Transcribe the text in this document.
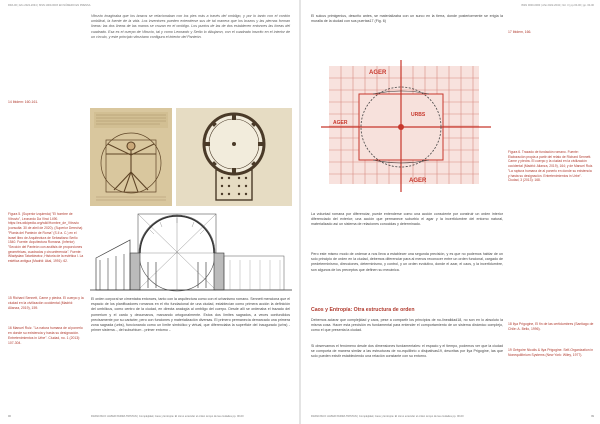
RDA 00 | Año 2022-2034 | ISSN 1900-000X EN NÚMERO EN PRENSA
Vitruvio imaginaba que los brazos se relacionaban con los pies más a través del ombligo, y por lo tanto con el cordón umbilical, la fuente de la vida. Los inventores pueden extenderse sus de tal manera que los brazos y las piernas forman líneas: las dos líneas de las manos se cruzan en el ombligo. Los puntos de las de dos establecen entonces las líneas del cuadrado. Esa es el cuerpo de Vitruvio, tal y como Leonardo y Serlio lo dibujaron, con el cuadrado inscrito en el interior de un círculo, y este principio vitruviano configura el interior del Panteón.
14 Ibidem: 160-161.
Figura 5. (Superior izquierda) "El hombre de Vitruvio", Leonardo Da Vinci 1490. https://es.wikipedia.org/wiki/Hombre_de_Vitruvio (consulta: 30 de abril de 2020). (Superior Derecha) "Planta del Panteón de Roma" (S.II a. C.) en el Israel libro de Arquitectura de Sebastiano Serlio 1540. Fuente: Arquitectura Romana. (Inferior) "Sección del Panteón con análisis de proporciones geométricas, cuadrados y circunferencia". Fuente: Wladysław Tatarkiewicz, Historia de la estética I. La estética antigua (Madrid: Akal, 1991): 62.
15 Richard Sennett, Carne y piedra. El cuerpo y la ciudad en la civilización occidental (Madrid: Alianza, 2019), 159.
16 Manuel Ruiz. "La natura humana de al ponerlo en donde su existencia y hasta su designación. Entretenimientos in Urbe". Ciudad, no. 1 (2013): 107-304.
El orden corporal se cimentaba entonces, tanto con la arquitectura como con el urbanismo romano. Sennett menciona que el espacio de los planificadores romanos en el rito fundacional de una ciudad, establecían como primera acción la definición del umbilicus, como centro de la ciudad, en directa analogía al ombligo del cuerpo. Desde allí se ordenaba el trazado del pomerium y el cardo y decumanos, marcando ortogonalmente. Estos dos límites sagrados, a veces confundidos precisamente por su carácter, pero con funciones y materialización diversas. El primero permanecía demarcado una primera zona sagrada (urbs), funcionando como un límite simbólico y virtual, que diferenciaba la superficie del inaugurado (urbs) - primer sistema -, del suburbium - primer entorno -.
FRANCISCO JAVIER PARRA TRISTAN | Complejidad, Caos y Entropía: El cómo entender el orden tempo de las ciudades pp. 00-00
96
ISSN 0000-0000 | Año 2022-2034 | Vol. 3 | pp.00-00 | pp. 00-00
El sulcus primigenius, descrito antes, se materializaba con un surco en la tierra, donde posteriormente se erigía la muralla de la ciudad con sus puertas17 (Fig. 6)
17 Ibidem, 166.
AGER
AGER
URBS
AGER
Figura 6. Trazado de fundación romano. Fuente: Elaboración propia a partir del relato de Richard Sennett. Carne y piedra. El cuerpo y la ciudad en la civilización occidental (Madrid: Alianza, 2019), 164; y de Manuel Ruiz. "La ruptura humana de al ponerlo en donde su existencia y hasta su designación. Entretenimientos in Urbe". Ciudad, 3 (2013): 168.
La voluntad romana por diferenciar, puede entenderse como una acción consciente por construir un orden interior diferenciado del exterior; una acción que permanece suburbio el agar y la incertidumbre del entorno natural, materializado así un sistema de relaciones conocidas y determinado.
Pero este mismo modo de ordenar a nos lleva a establecer una segunda precisión, y es que no podemos hablar de un solo principio de orden en la ciudad, debemos diferenciar para al menos reconocer entre un orden funcional, cargado de predeterminismo, direcciones, determinismo, y control, y un orden evolutivo, donde el azar, el caos, y la incertidumbre, son algunos de los preceptos que definen su mecánica.
Caos y Entropía: Otra estructura de orden
Debemos aclarar que complejidad y caos, pese a compartir los principios de no-linealidad18, no son en lo absoluto la misma cosa. Hacer esta precisión es fundamental para entender el comportamiento de un sistema dinámico complejo, como el que presenta la ciudad.
Si observamos el fenómeno desde dos dimensiones fundamentales: el espacio y el tiempo, podemos ver que la ciudad se comporta de manera similar a las estructuras de no-equilibrio o disipativas19, descritas por Ilya Prigogine, las que solo pueden existir estableciendo una relación constante con su entorno.
18 Ilya Prigogine, El fin de las certidumbres (Santiago de Chile: A. Bello, 1996).
19 Grégoire Nicolis & Ilya Prigogine. Self-Organization in Nonequilibrium Systems (New York: Wiley, 1977).
FRANCISCO JAVIER PARRA TRISTAN | Complejidad, Caos y Entropía: El cómo entender el orden tempo de las ciudades pp. 00-00	99
